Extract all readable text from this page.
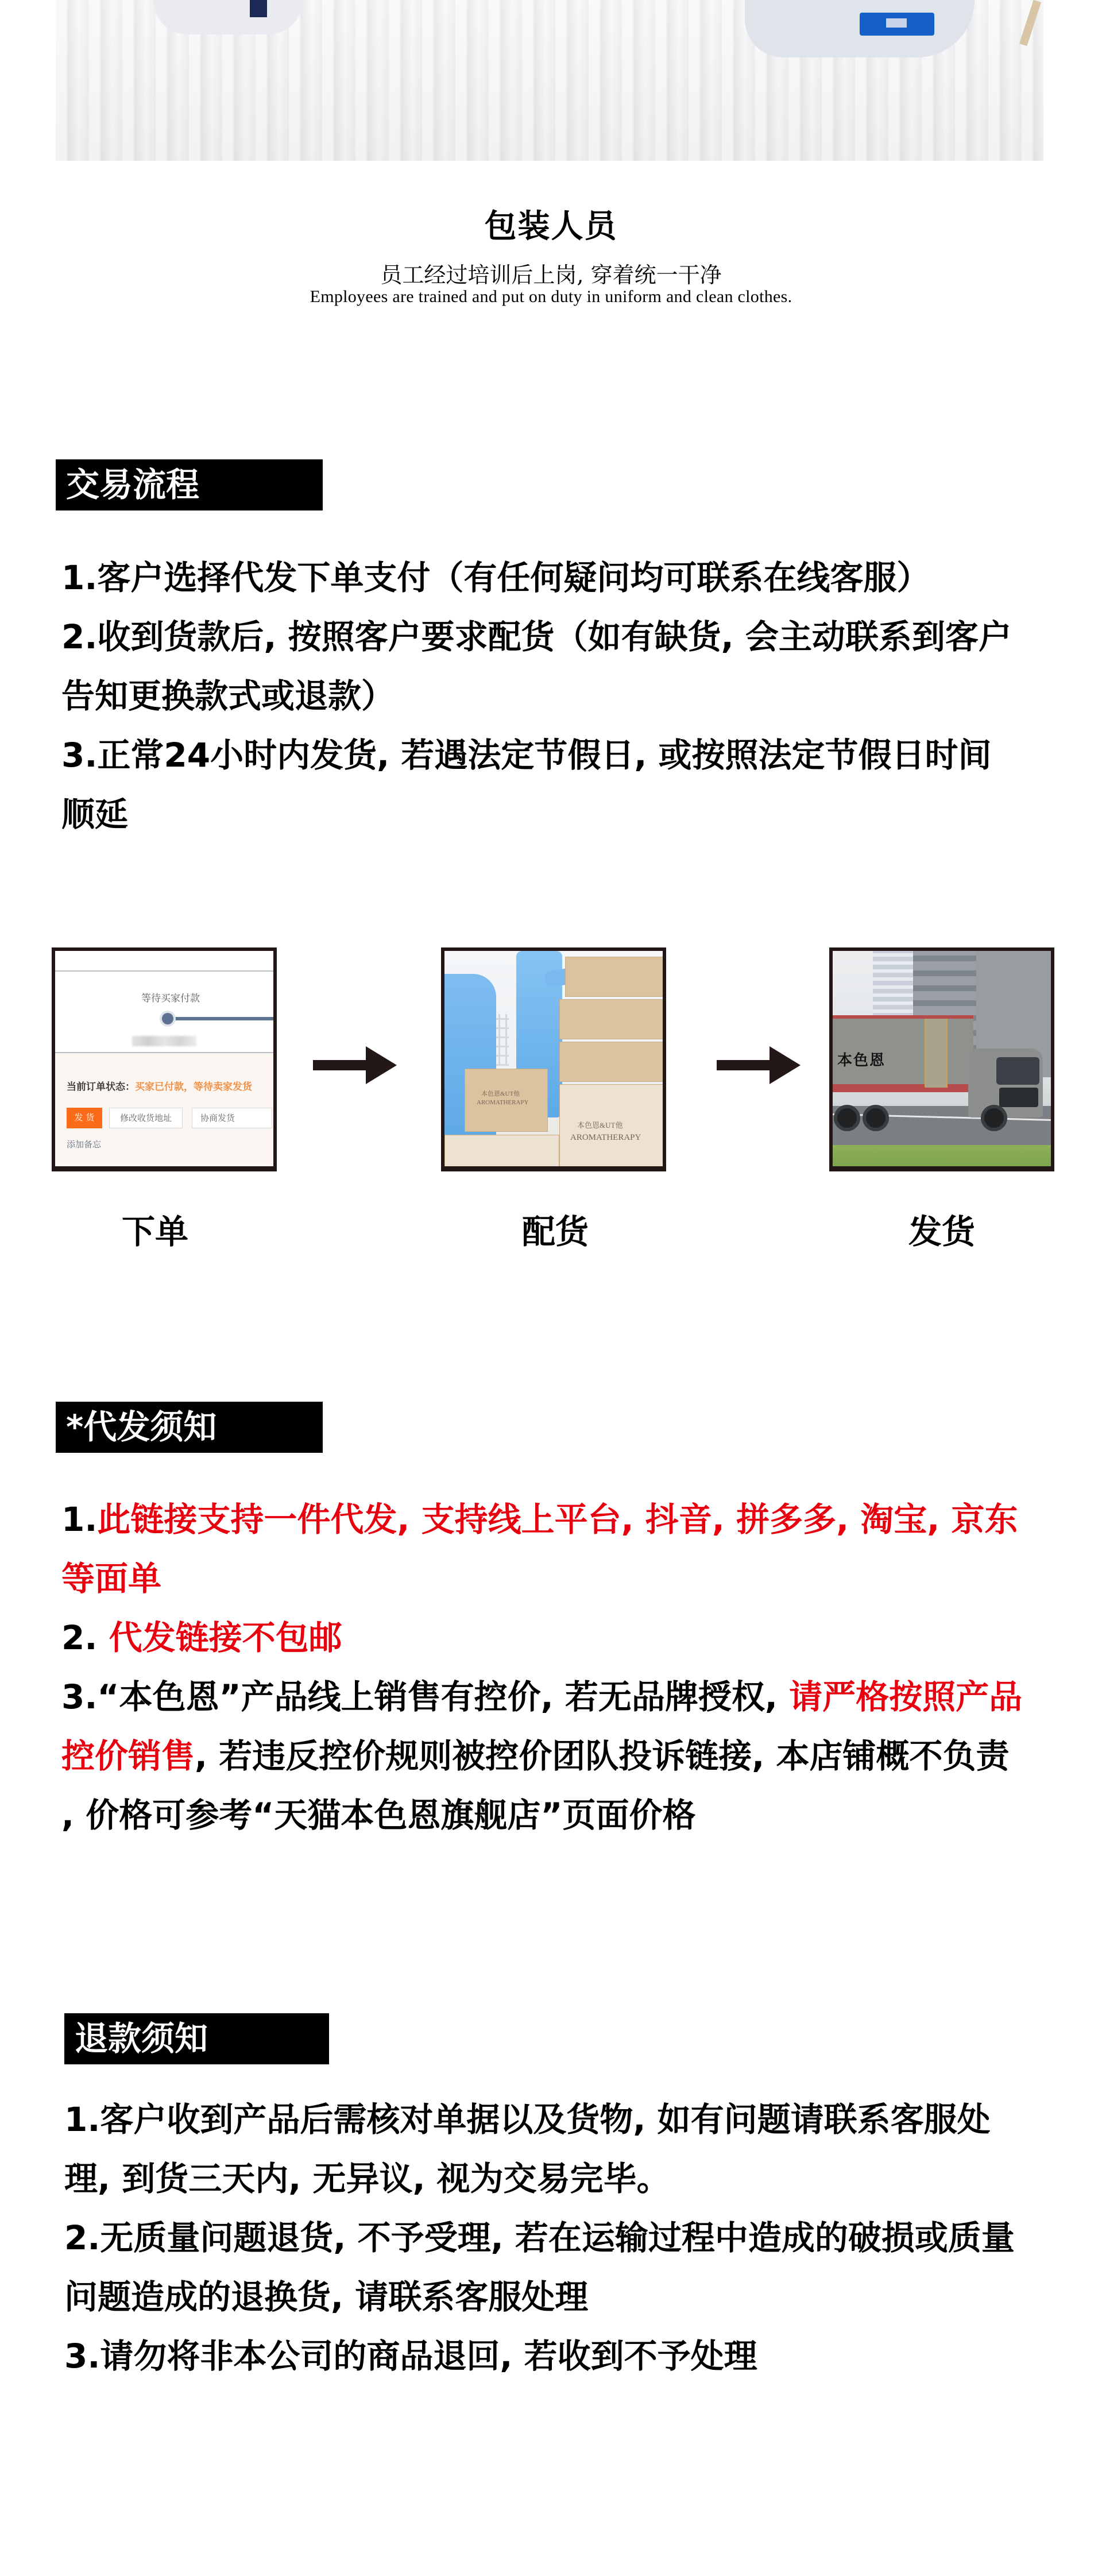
包装人员
员工经过培训后上岗, 穿着统一干净
Employees are trained and put on duty in uniform and clean clothes.
交易流程
1.客户选择代发下单支付（有任何疑问均可联系在线客服）
2.收到货款后, 按照客户要求配货（如有缺货, 会主动联系到客户
告知更换款式或退款）
3.正常24小时内发货, 若遇法定节假日, 或按照法定节假日时间
顺延
等待买家付款
当前订单状态：买家已付款，等待卖家发货
发 货	修改收货地址	协商发货
添加备忘
本色恩&UT他
AROMATHERAPY
本色恩&UT他
AROMATHERAPY
本色恩
下单	配货	发货
*代发须知
1.此链接支持一件代发, 支持线上平台, 抖音, 拼多多, 淘宝, 京东
等面单
2. 代发链接不包邮
3.“本色恩”产品线上销售有控价, 若无品牌授权, 请严格按照产品
控价销售, 若违反控价规则被控价团队投诉链接, 本店铺概不负责
, 价格可参考“天猫本色恩旗舰店”页面价格
退款须知
1.客户收到产品后需核对单据以及货物, 如有问题请联系客服处
理, 到货三天内, 无异议, 视为交易完毕。
2.无质量问题退货, 不予受理, 若在运输过程中造成的破损或质量
问题造成的退换货, 请联系客服处理
3.请勿将非本公司的商品退回, 若收到不予处理
